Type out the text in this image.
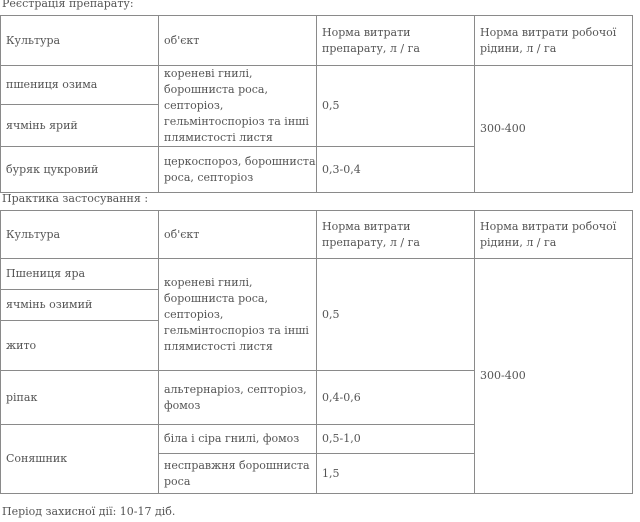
Реєстрація препарату:
Культура	об'єкт	Норма витрати препарату, л / га	Норма витрати робочої рідини, л / га
пшениця озима	кореневі гнилі, борошниста роса, септоріоз, гельмінтоспоріоз та інші плямистості листя	0,5	300-400
ячмінь ярий			
буряк цукровий	церкоспороз, борошниста роса, септоріоз	0,3-0,4	
Практика застосування :
Культура	об'єкт	Норма витрати препарату, л / га	Норма витрати робочої рідини, л / га
Пшениця яра	кореневі гнилі, борошниста роса, септоріоз, гельмінтоспоріоз та інші плямистості листя	0,5	300-400
ячмінь озимий			
жито			
ріпак	альтернаріоз, септоріоз, фомоз	0,4-0,6	
Соняшник	біла і сіра гнилі, фомоз	0,5-1,0	
	несправжня борошниста роса	1,5	
Період захисної дії: 10-17 діб.
